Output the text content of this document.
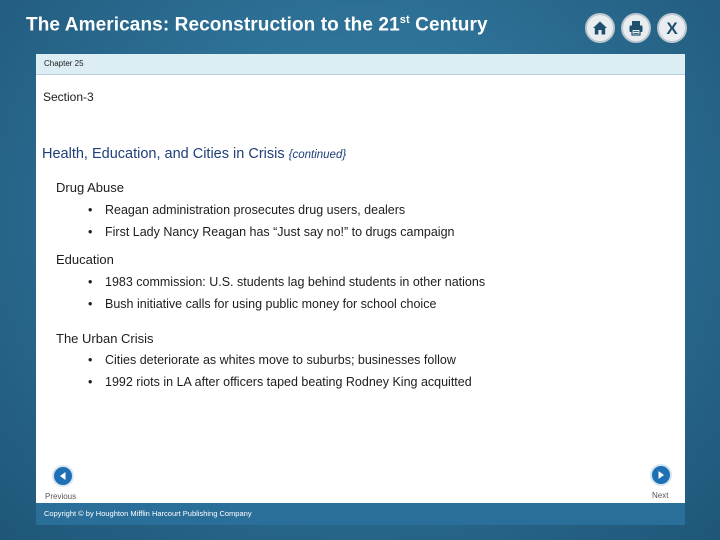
The Americans: Reconstruction to the 21st Century	X
Chapter 25
Section-3
Health, Education, and Cities in Crisis {continued}
Drug Abuse
• Reagan administration prosecutes drug users, dealers
• First Lady Nancy Reagan has “Just say no!” to drugs campaign
Education
• 1983 commission: U.S. students lag behind students in other nations
• Bush initiative calls for using public money for school choice
The Urban Crisis
• Cities deteriorate as whites move to suburbs; businesses follow
• 1992 riots in LA after officers taped beating Rodney King acquitted
Previous	Next
Copyright © by Houghton Mifflin Harcourt Publishing Company
